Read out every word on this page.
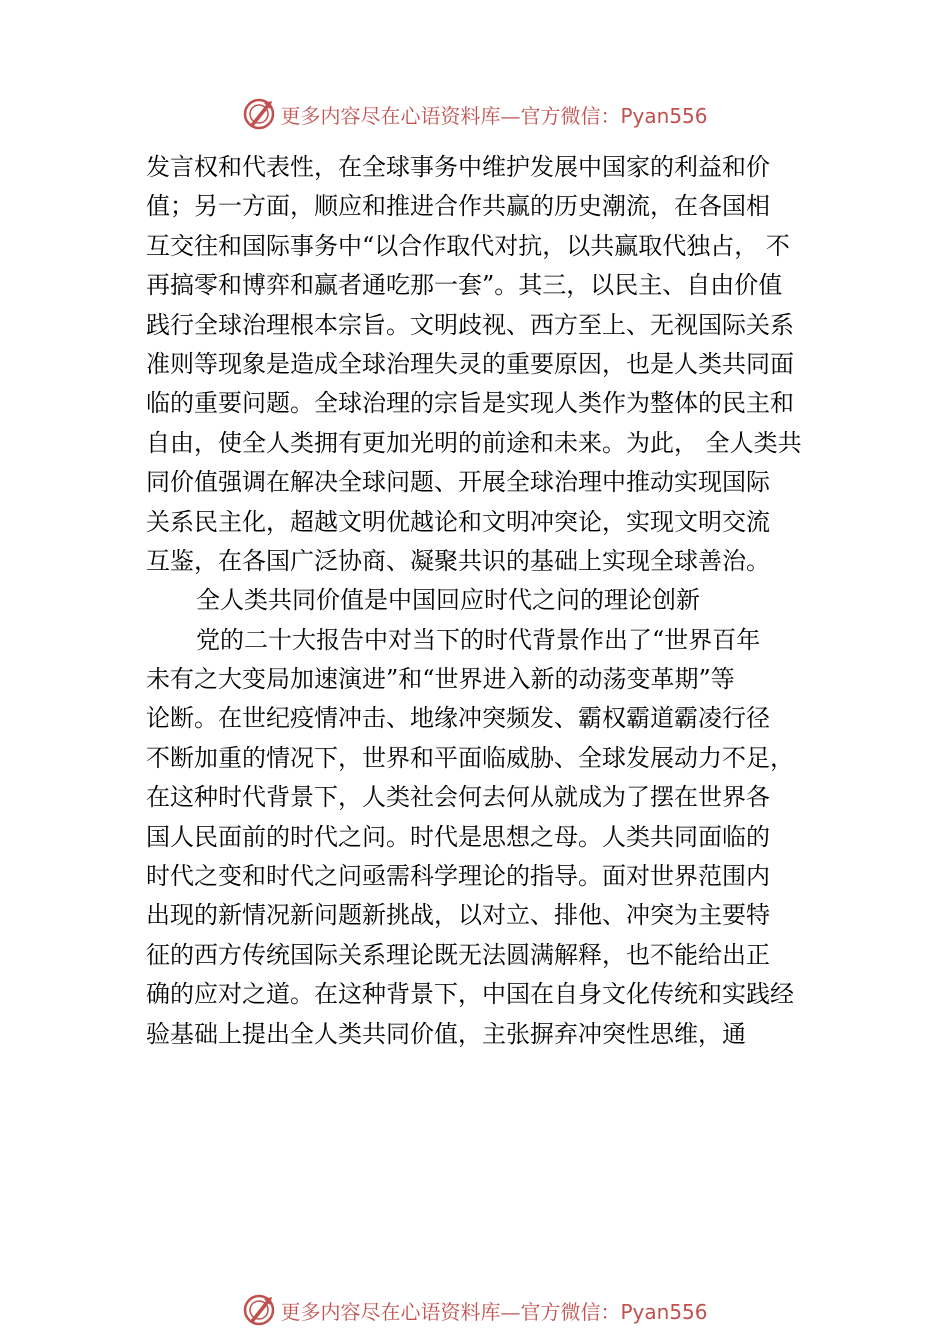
更多内容尽在心语资料库—官方微信：Pyan556
发言权和代表性，在全球事务中维护发展中国家的利益和价
值；另一方面，顺应和推进合作共赢的历史潮流，在各国相
互交往和国际事务中“以合作取代对抗，以共赢取代独占， 不
再搞零和博弈和赢者通吃那一套”。其三，以民主、自由价值
践行全球治理根本宗旨。文明歧视、西方至上、无视国际关系
准则等现象是造成全球治理失灵的重要原因，也是人类共同面
临的重要问题。全球治理的宗旨是实现人类作为整体的民主和
自由，使全人类拥有更加光明的前途和未来。为此， 全人类共
同价值强调在解决全球问题、开展全球治理中推动实现国际
关系民主化，超越文明优越论和文明冲突论，实现文明交流
互鉴，在各国广泛协商、凝聚共识的基础上实现全球善治。
全人类共同价值是中国回应时代之问的理论创新
党的二十大报告中对当下的时代背景作出了“世界百年
未有之大变局加速演进”和“世界进入新的动荡变革期”等
论断。在世纪疫情冲击、地缘冲突频发、霸权霸道霸凌行径
不断加重的情况下，世界和平面临威胁、全球发展动力不足，
在这种时代背景下，人类社会何去何从就成为了摆在世界各
国人民面前的时代之问。时代是思想之母。人类共同面临的
时代之变和时代之问亟需科学理论的指导。面对世界范围内
出现的新情况新问题新挑战，以对立、排他、冲突为主要特
征的西方传统国际关系理论既无法圆满解释，也不能给出正
确的应对之道。在这种背景下，中国在自身文化传统和实践经
验基础上提出全人类共同价值，主张摒弃冲突性思维，通
更多内容尽在心语资料库—官方微信：Pyan556
